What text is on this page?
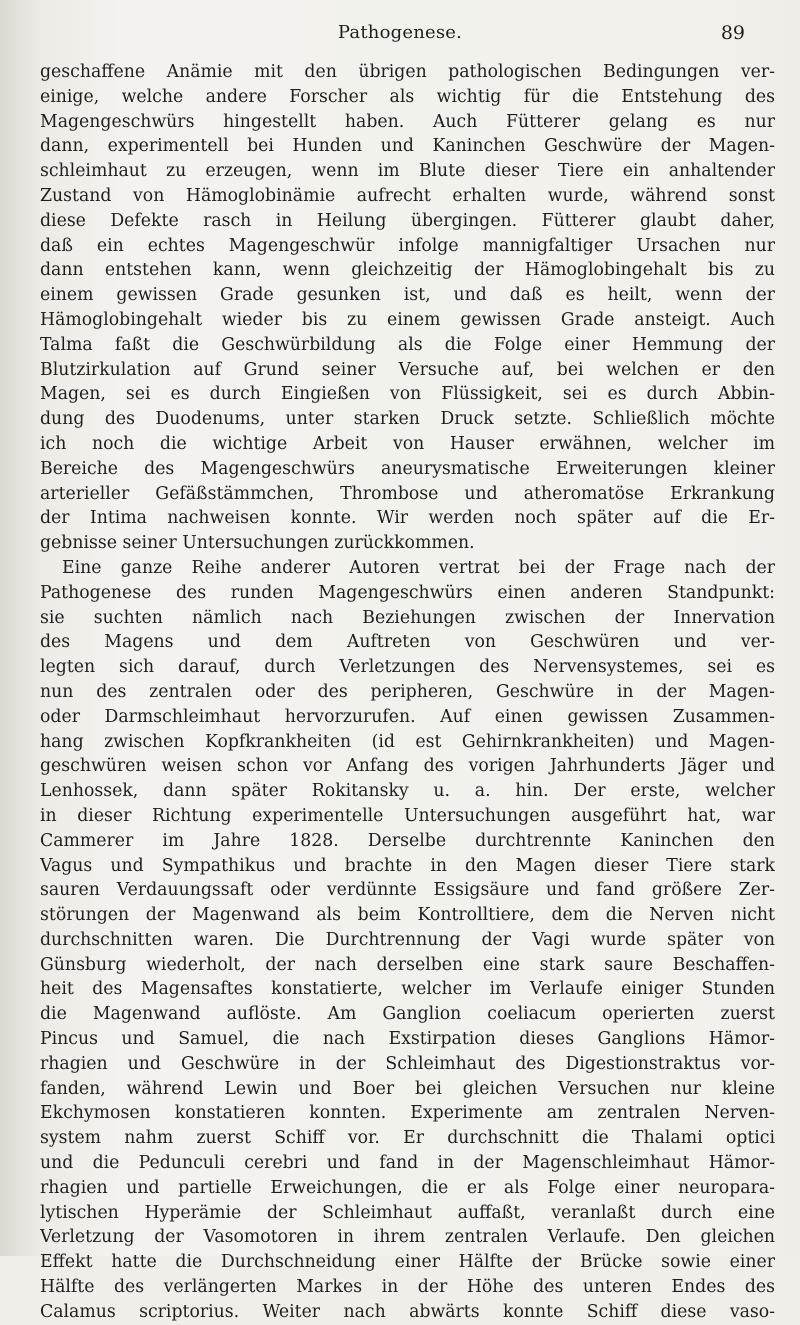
Pathogenese.	89
geschaffene Anämie mit den übrigen pathologischen Bedingungen ver-
einige, welche andere Forscher als wichtig für die Entstehung des
Magengeschwürs hingestellt haben. Auch Fütterer gelang es nur
dann, experimentell bei Hunden und Kaninchen Geschwüre der Magen-
schleimhaut zu erzeugen, wenn im Blute dieser Tiere ein anhaltender
Zustand von Hämoglobinämie aufrecht erhalten wurde, während sonst
diese Defekte rasch in Heilung übergingen. Fütterer glaubt daher,
daß ein echtes Magengeschwür infolge mannigfaltiger Ursachen nur
dann entstehen kann, wenn gleichzeitig der Hämoglobingehalt bis zu
einem gewissen Grade gesunken ist, und daß es heilt, wenn der
Hämoglobingehalt wieder bis zu einem gewissen Grade ansteigt. Auch
Talma faßt die Geschwürbildung als die Folge einer Hemmung der
Blutzirkulation auf Grund seiner Versuche auf, bei welchen er den
Magen, sei es durch Eingießen von Flüssigkeit, sei es durch Abbin-
dung des Duodenums, unter starken Druck setzte. Schließlich möchte
ich noch die wichtige Arbeit von Hauser erwähnen, welcher im
Bereiche des Magengeschwürs aneurysmatische Erweiterungen kleiner
arterieller Gefäßstämmchen, Thrombose und atheromatöse Erkrankung
der Intima nachweisen konnte. Wir werden noch später auf die Er-
gebnisse seiner Untersuchungen zurückkommen.
Eine ganze Reihe anderer Autoren vertrat bei der Frage nach der
Pathogenese des runden Magengeschwürs einen anderen Standpunkt:
sie suchten nämlich nach Beziehungen zwischen der Innervation
des Magens und dem Auftreten von Geschwüren und ver-
legten sich darauf, durch Verletzungen des Nervensystemes, sei es
nun des zentralen oder des peripheren, Geschwüre in der Magen-
oder Darmschleimhaut hervorzurufen. Auf einen gewissen Zusammen-
hang zwischen Kopfkrankheiten (id est Gehirnkrankheiten) und Magen-
geschwüren weisen schon vor Anfang des vorigen Jahrhunderts Jäger und
Lenhossek, dann später Rokitansky u. a. hin. Der erste, welcher
in dieser Richtung experimentelle Untersuchungen ausgeführt hat, war
Cammerer im Jahre 1828. Derselbe durchtrennte Kaninchen den
Vagus und Sympathikus und brachte in den Magen dieser Tiere stark
sauren Verdauungssaft oder verdünnte Essigsäure und fand größere Zer-
störungen der Magenwand als beim Kontrolltiere, dem die Nerven nicht
durchschnitten waren. Die Durchtrennung der Vagi wurde später von
Günsburg wiederholt, der nach derselben eine stark saure Beschaffen-
heit des Magensaftes konstatierte, welcher im Verlaufe einiger Stunden
die Magenwand auflöste. Am Ganglion coeliacum operierten zuerst
Pincus und Samuel, die nach Exstirpation dieses Ganglions Hämor-
rhagien und Geschwüre in der Schleimhaut des Digestionstraktus vor-
fanden, während Lewin und Boer bei gleichen Versuchen nur kleine
Ekchymosen konstatieren konnten. Experimente am zentralen Nerven-
system nahm zuerst Schiff vor. Er durchschnitt die Thalami optici
und die Pedunculi cerebri und fand in der Magenschleimhaut Hämor-
rhagien und partielle Erweichungen, die er als Folge einer neuropara-
lytischen Hyperämie der Schleimhaut auffaßt, veranlaßt durch eine
Verletzung der Vasomotoren in ihrem zentralen Verlaufe. Den gleichen
Effekt hatte die Durchschneidung einer Hälfte der Brücke sowie einer
Hälfte des verlängerten Markes in der Höhe des unteren Endes des
Calamus scriptorius. Weiter nach abwärts konnte Schiff diese vaso-
